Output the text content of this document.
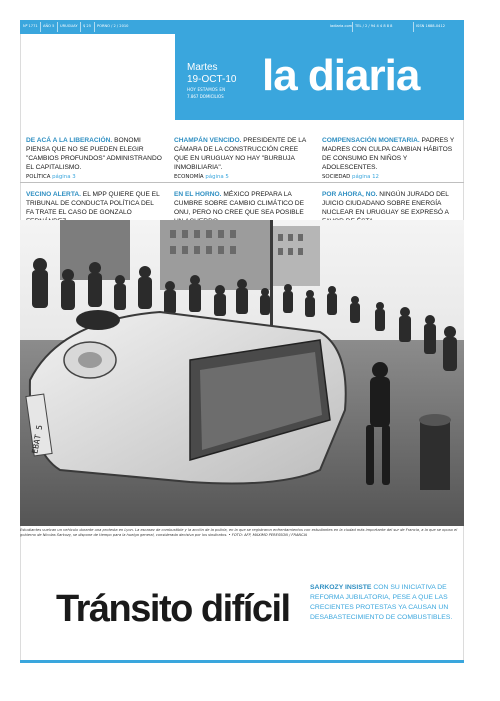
Nº 1771 AÑO 5 URUGUAY $ 25 PORNO / 2 / 2010	ladiaria.com TEL / 2 / 94 4 4 8 8 8	ISSN 1688-0412
Martes
19-OCT-10
HOY ESTAMOS EN
7.867 DOMICILIOS la diaria
DE ACÁ A LA LIBERACIÓN. BONOMI PIENSA QUE NO SE PUEDEN ELEGIR "CAMBIOS PROFUNDOS" ADMINISTRANDO EL CAPITALISMO.
POLÍTICA página 3
CHAMPÁN VENCIDO. PRESIDENTE DE LA CÁMARA DE LA CONSTRUCCIÓN CREE QUE EN URUGUAY NO HAY "BURBUJA INMOBILIARIA".
ECONOMÍA página 5
COMPENSACIÓN MONETARIA. PADRES Y MADRES CON CULPA CAMBIAN HÁBITOS DE CONSUMO EN NIÑOS Y ADOLESCENTES.
SOCIEDAD página 12
VECINO ALERTA. EL MPP QUIERE QUE EL TRIBUNAL DE CONDUCTA POLÍTICA DEL FA TRATE EL CASO DE GONZALO
EN EL HORNO. MÉXICO PREPARA LA CUMBRE SOBRE CAMBIO CLIMÁTICO DE ONU, PERO NO CREE QUE SEA POSIBLE
POR AHORA, NO. NINGÚN JURADO DEL JUICIO CIUDADANO SOBRE ENERGÍA NUCLEAR EN URUGUAY SE EXPRESÓ A
EBAT 5
Estudiantes vuelcan un vehículo durante una protesta en Lyon. La escasez de combustible y la acción de la policía, en la que se registraron enfrentamientos con estudiantes en la ciudad más importante del sur de Francia, a la que se opuso el gobierno de Nicolas Sarkozy, se dispone de tiempo para la huelga general, considerada decisiva por los sindicatos. • FOTO: AFP, MAXIMO PERESSON / FRANCIA
Tránsito difícil
SARKOZY INSISTE CON SU INICIATIVA DE REFORMA JUBILATORIA, PESE A QUE LAS CRECIENTES PROTESTAS YA CAUSAN UN DESABASTECIMIENTO DE COMBUSTIBLES.
